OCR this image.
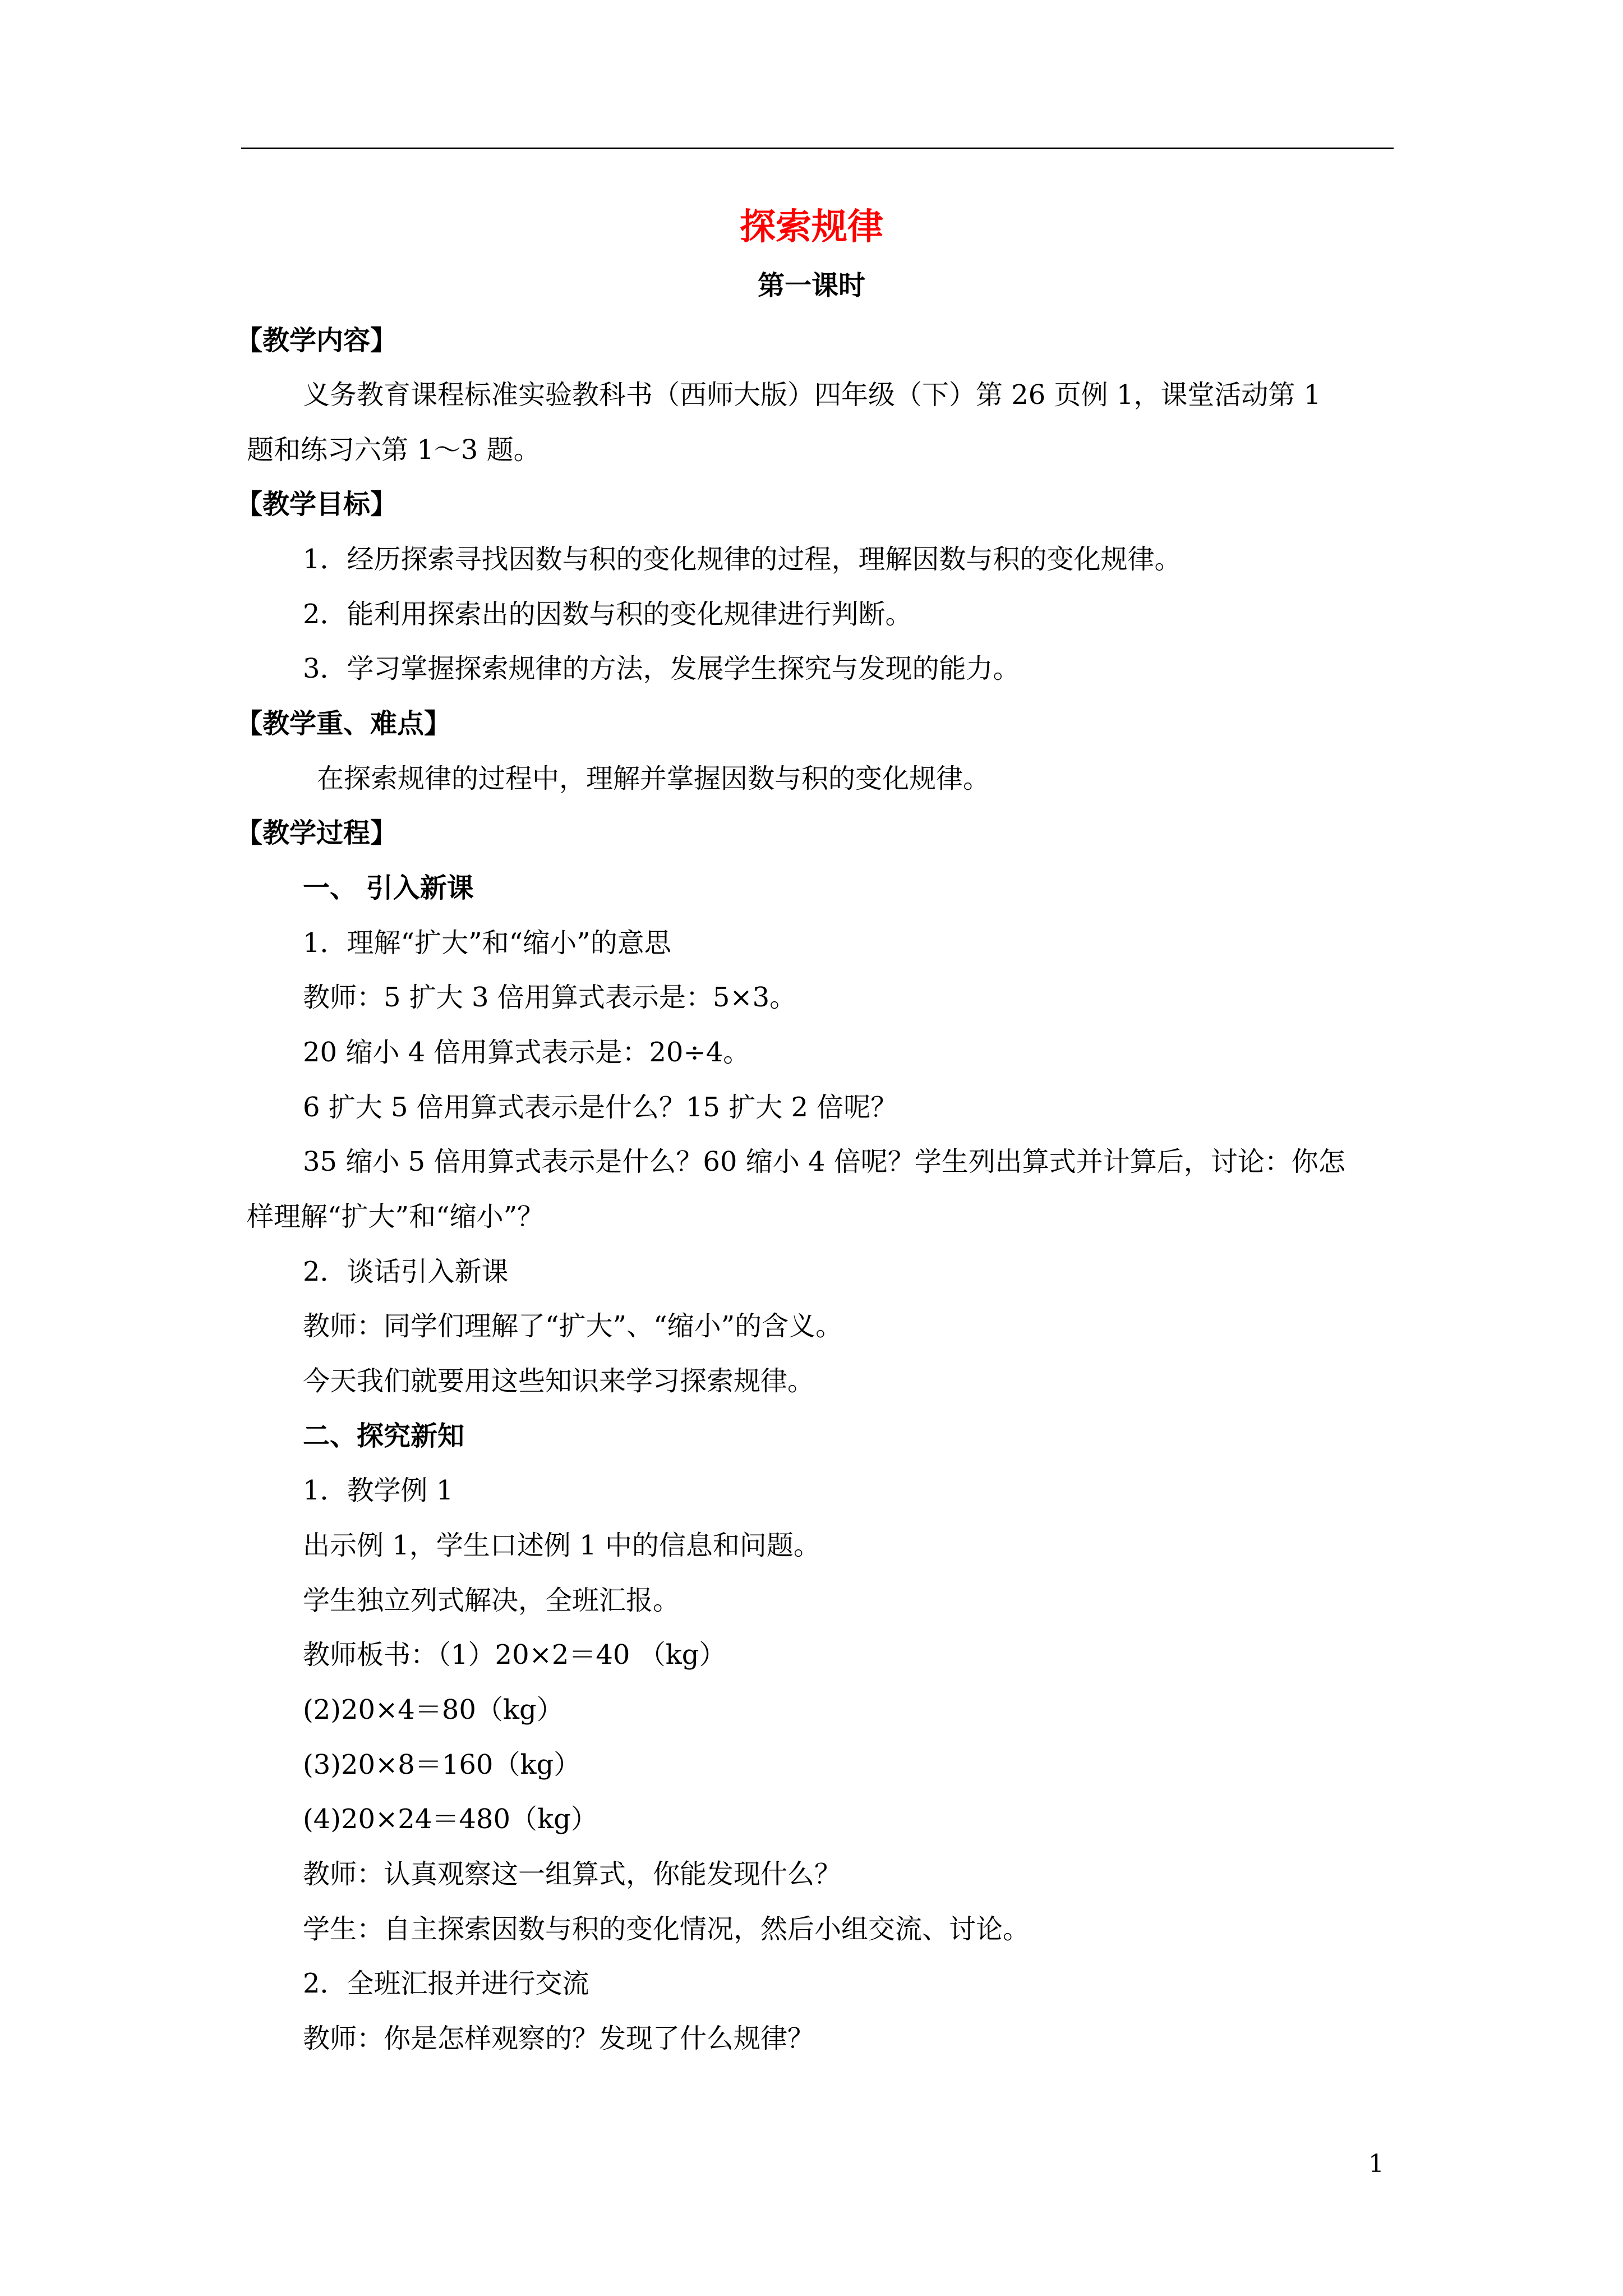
探索规律
第一课时
【教学内容】
义务教育课程标准实验教科书（西师大版）四年级（下）第 26 页例 1，课堂活动第 1
题和练习六第 1～3 题。
【教学目标】
1．经历探索寻找因数与积的变化规律的过程，理解因数与积的变化规律。
2．能利用探索出的因数与积的变化规律进行判断。
3．学习掌握探索规律的方法，发展学生探究与发现的能力。
【教学重、难点】
在探索规律的过程中，理解并掌握因数与积的变化规律。
【教学过程】
一、 引入新课
1．理解“扩大”和“缩小”的意思
教师：5 扩大 3 倍用算式表示是：5×3。
20 缩小 4 倍用算式表示是：20÷4。
6 扩大 5 倍用算式表示是什么？15 扩大 2 倍呢？
35 缩小 5 倍用算式表示是什么？60 缩小 4 倍呢？学生列出算式并计算后，讨论：你怎
样理解“扩大”和“缩小”？
2．谈话引入新课
教师：同学们理解了“扩大”、“缩小”的含义。
今天我们就要用这些知识来学习探索规律。
二、探究新知
1．教学例 1
出示例 1，学生口述例 1 中的信息和问题。
学生独立列式解决，全班汇报。
教师板书：（1）20×2＝40 （kg）
(2)20×4＝80（kg）
(3)20×8＝160（kg）
(4)20×24＝480（kg）
教师：认真观察这一组算式，你能发现什么？
学生：自主探索因数与积的变化情况，然后小组交流、讨论。
2．全班汇报并进行交流
教师：你是怎样观察的？发现了什么规律？
1
